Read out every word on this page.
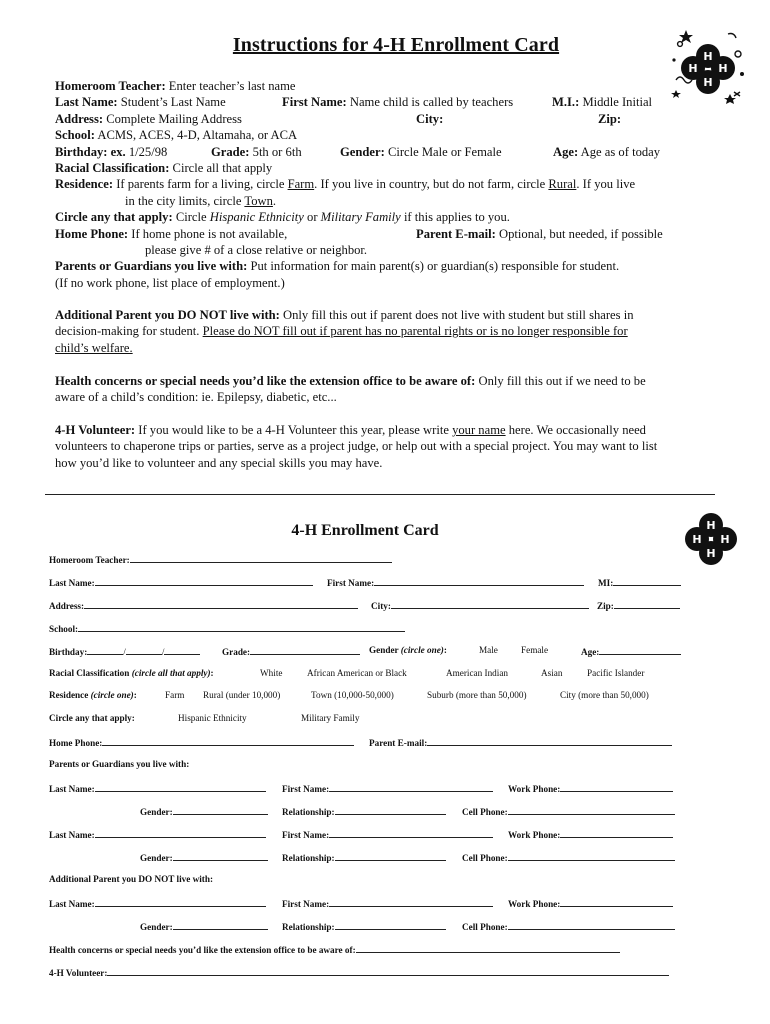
H
H
H
H
Instructions for 4-H Enrollment Card
Homeroom Teacher: Enter teacher’s last name
Last Name: Student’s Last Name	First Name: Name child is called by teachers	M.I.: Middle Initial
Address: Complete Mailing Address	City:	Zip:
School: ACMS, ACES, 4-D, Altamaha, or ACA
Birthday: ex. 1/25/98	Grade: 5th or 6th	Gender: Circle Male or Female	Age: Age as of today
Racial Classification: Circle all that apply
Residence: If parents farm for a living, circle Farm. If you live in country, but do not farm, circle Rural. If you live
in the city limits, circle Town.
Circle any that apply: Circle Hispanic Ethnicity or Military Family if this applies to you.
Home Phone: If home phone is not available,	Parent E-mail: Optional, but needed, if possible
please give # of a close relative or neighbor.
Parents or Guardians you live with: Put information for main parent(s) or guardian(s) responsible for student.
(If no work phone, list place of employment.)
Additional Parent you DO NOT live with: Only fill this out if parent does not live with student but still shares in
decision-making for student. Please do NOT fill out if parent has no parental rights or is no longer responsible for
child’s welfare.
Health concerns or special needs you’d like the extension office to be aware of: Only fill this out if we need to be
aware of a child’s condition: ie. Epilepsy, diabetic, etc...
4-H Volunteer: If you would like to be a 4-H Volunteer this year, please write your name here. We occasionally need
volunteers to chaperone trips or parties, serve as a project judge, or help out with a special project. You may want to list
how you’d like to volunteer and any special skills you may have.
H
H
H
H
4-H Enrollment Card
Homeroom Teacher:
Last Name:	First Name:	MI:
Address:	City:	Zip:
School:
Birthday:	/	/	Grade:	Gender (circle one):	Male	Female	Age:
Racial Classification (circle all that apply):	White	African American or Black	American Indian	Asian	Pacific Islander
Residence (circle one):	Farm Rural (under 10,000)	Town (10,000-50,000)	Suburb (more than 50,000)	City (more than 50,000)
Circle any that apply:	Hispanic Ethnicity	Military Family
Home Phone:	Parent E-mail:
Parents or Guardians you live with:
Last Name:	First Name:	Work Phone:
Gender:	Relationship:	Cell Phone:
Last Name:	First Name:	Work Phone:
Gender:	Relationship:	Cell Phone:
Additional Parent you DO NOT live with:
Last Name:	First Name:	Work Phone:
Gender:	Relationship:	Cell Phone:
Health concerns or special needs you’d like the extension office to be aware of:
4-H Volunteer:
